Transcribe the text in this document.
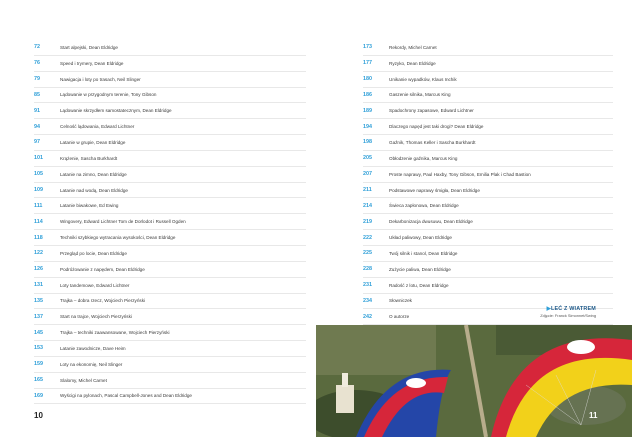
72	Start alpejski, Dean Eldridge
76	Speed i trymery, Dean Eldridge
79	Nawigacja i loty po trasach, Neil Slinger
85	Lądowanie w przygodnym terenie, Tony Gibson
91	Lądowanie skrzydłem samostatecznym, Dean Eldridge
94	Celność lądowania, Edward Lichtner
97	Latanie w grupie, Dean Eldridge
101	Krążenie, Sascha Burkhardt
105	Latanie na zimno, Dean Eldridge
109	Latanie nad wodą, Dean Eldridge
111	Latanie biwakowe, Ed Ewing
114	Wingovery, Edward Lichtner Tom de Dorlodot i Russell Ogden
118	Techniki szybkiego wytracania wysokości, Dean Eldridge
122	Przegląd po locie, Dean Eldridge
126	Podróżowanie z napędem, Dean Eldridge
131	Loty tandemowe, Edward Lichtner
135	Trajka – dobra rzecz, Wojciech Pierzyński
137	Start na trajce, Wojciech Pierzyński
145	Trajka – techniki zaawansowane, Wojciech Pierzyński
153	Latanie zawodnicze, Dave Heim
159	Loty na ekonomię, Neil Slinger
165	Slalomy, Michel Carnet
169	Wyścigi na pylonach, Pascal Campbell-Jones and Dean Eldridge
173	Rekordy, Michel Carnet
177	Ryzyko, Dean Eldridge
180	Unikanie wypadków, Klaus Inchik
186	Gaszenie silnika, Marcus King
189	Spadochrony zapasowe, Edward Lichtner
194	Dlaczego napęd jest taki drogi? Dean Eldridge
198	Gaźnik, Thomas Keller i Sascha Burkhardt
205	Obłodzenie gaźnika, Marcus King
207	Proste naprawy, Paul Haxby, Tony Gibson, Emilia Plak i Chad Bastion
211	Podstawowe naprawy śmigła, Dean Eldridge
214	Świeca zapłonowa, Dean Eldridge
219	Dekarbonizacja dwusuwu, Dean Eldridge
222	Układ paliwowy, Dean Eldridge
225	Twój silnik i stanol, Dean Eldridge
228	Zużycie paliwa, Dean Eldridge
231	Radość z lotu, Dean Eldridge
234	Słowniczek
242	O autorze
▶LEĆ Z WIATREM
Zdjęcie: Franck Simonnet/Swing
10	11
